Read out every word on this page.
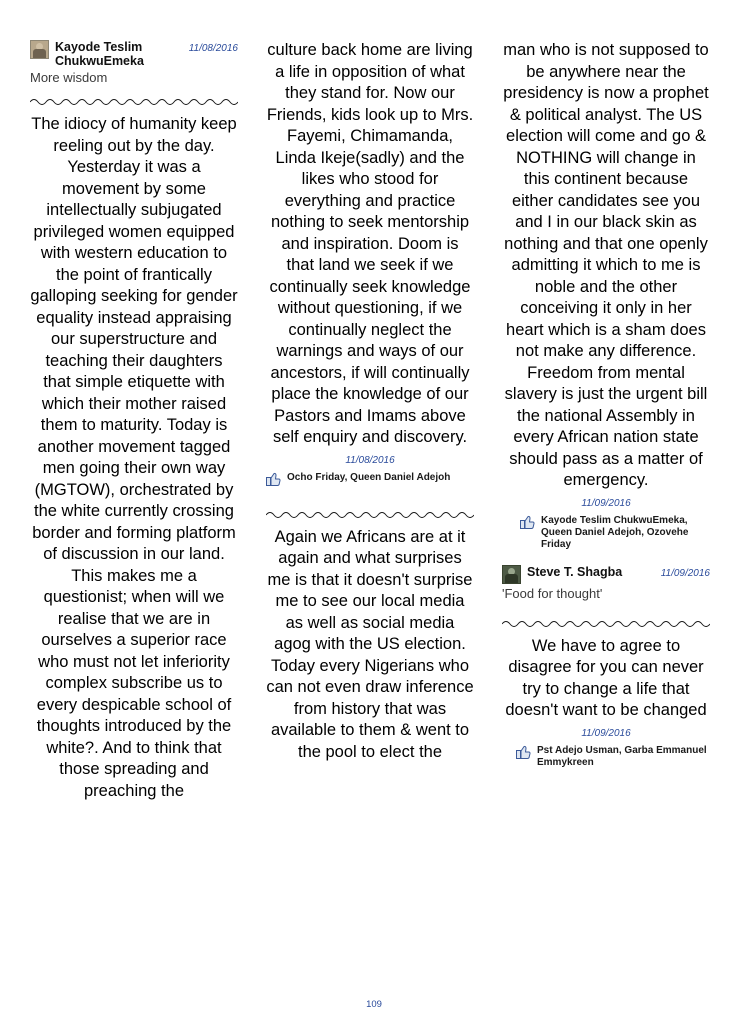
Kayode Teslim ChukwuEmeka
11/08/2016
More wisdom
The idiocy of humanity keep reeling out by the day. Yesterday it was a movement by some intellectually subjugated privileged women equipped with western education to the point of frantically galloping seeking for gender equality instead appraising our superstructure and teaching their daughters that simple etiquette with which their mother raised them to maturity. Today is another movement tagged men going their own way (MGTOW), orchestrated by the white currently crossing border and forming platform of discussion in our land. This makes me a questionist; when will we realise that we are in ourselves a superior race who must not let inferiority complex subscribe us to every despicable school of thoughts introduced by the white?. And to think that those spreading and preaching the
culture back home are living a life in opposition of what they stand for. Now our Friends, kids look up to Mrs. Fayemi, Chimamanda, Linda Ikeje(sadly) and the likes who stood for everything and practice nothing to seek mentorship and inspiration. Doom is that land we seek if we continually seek knowledge without questioning, if we continually neglect the warnings and ways of our ancestors, if will continually place the knowledge of our Pastors and Imams above self enquiry and discovery.
11/08/2016
Ocho Friday, Queen Daniel Adejoh
Again we Africans are at it again and what surprises me is that it doesn't surprise me to see our local media as well as social media agog with the US election. Today every Nigerians who can not even draw inference from history that was available to them & went to the pool to elect the
man who is not supposed to be anywhere near the presidency is now a prophet & political analyst. The US election will come and go & NOTHING will change in this continent because either candidates see you and I in our black skin as nothing and that one openly admitting it which to me is noble and the other conceiving it only in her heart which is a sham does not make any difference. Freedom from mental slavery is just the urgent bill the national Assembly in every African nation state should pass as a matter of emergency.
11/09/2016
Kayode Teslim ChukwuEmeka, Queen Daniel Adejoh, Ozovehe Friday
Steve T. Shagba	11/09/2016
'Food for thought'
We have to agree to disagree for you can never try to change a life that doesn't want to be changed
11/09/2016
Pst Adejo Usman, Garba Emmanuel Emmykreen
109
